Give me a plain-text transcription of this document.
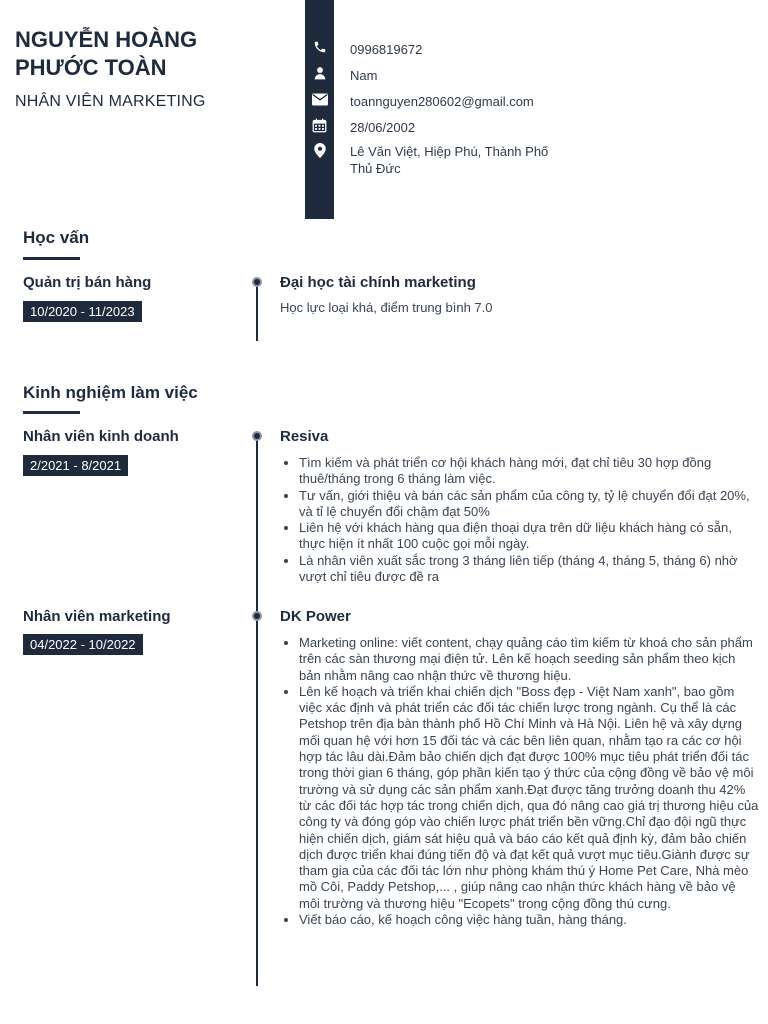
NGUYỄN HOÀNG
PHƯỚC TOÀN
NHÂN VIÊN MARKETING
0996819672
Nam
toannguyen280602@gmail.com
28/06/2002
Lê Văn Việt, Hiệp Phú, Thành Phố
Thủ Đức
Học vấn
Quản trị bán hàng
10/2020 - 11/2023
Đại học tài chính marketing
Học lực loại khá, điểm trung bình 7.0
Kinh nghiệm làm việc
Nhân viên kinh doanh
2/2021 - 8/2021
Resiva
• Tìm kiếm và phát triển cơ hội khách hàng mới, đạt chỉ tiêu 30 hợp đồng thuê/tháng trong 6 tháng làm việc.
• Tư vấn, giới thiệu và bán các sản phẩm của công ty, tỷ lệ chuyển đổi đạt 20%, và tỉ lệ chuyển đổi chậm đạt 50%
• Liên hệ với khách hàng qua điện thoại dựa trên dữ liệu khách hàng có sẵn, thực hiện ít nhất 100 cuộc gọi mỗi ngày.
• Là nhân viên xuất sắc trong 3 tháng liên tiếp (tháng 4, tháng 5, tháng 6) nhờ vượt chỉ tiêu được đề ra
Nhân viên marketing
04/2022 - 10/2022
DK Power
• Marketing online: viết content, chạy quảng cáo tìm kiếm từ khoá cho sản phẩm trên các sàn thương mại điện tử. Lên kế hoạch seeding sản phẩm theo kịch bản nhằm nâng cao nhận thức về thương hiệu.
• Lên kế hoạch và triển khai chiến dịch "Boss đẹp - Việt Nam xanh", bao gồm việc xác định và phát triển các đối tác chiến lược trong ngành. Cụ thể là các Petshop trên địa bàn thành phố Hồ Chí Minh và Hà Nội. Liên hệ và xây dựng mối quan hệ với hơn 15 đối tác và các bên liên quan, nhằm tạo ra các cơ hội hợp tác lâu dài.Đảm bảo chiến dịch đạt được 100% mục tiêu phát triển đối tác trong thời gian 6 tháng, góp phần kiến tạo ý thức của cộng đồng về bảo vệ môi trường và sử dụng các sản phẩm xanh.Đạt được tăng trưởng doanh thu 42% từ các đối tác hợp tác trong chiến dịch, qua đó nâng cao giá trị thương hiệu của công ty và đóng góp vào chiến lược phát triển bền vững.Chỉ đạo đội ngũ thực hiện chiến dịch, giám sát hiệu quả và báo cáo kết quả định kỳ, đảm bảo chiến dịch được triển khai đúng tiến độ và đạt kết quả vượt mục tiêu.Giành được sự tham gia của các đối tác lớn như phòng khám thú ý Home Pet Care, Nhà mèo mồ Côi, Paddy Petshop,... , giúp nâng cao nhận thức khách hàng về bảo vệ môi trường và thương hiệu "Ecopets" trong cộng đồng thú cưng.
• Viết báo cáo, kế hoạch công việc hàng tuần, hàng tháng.
